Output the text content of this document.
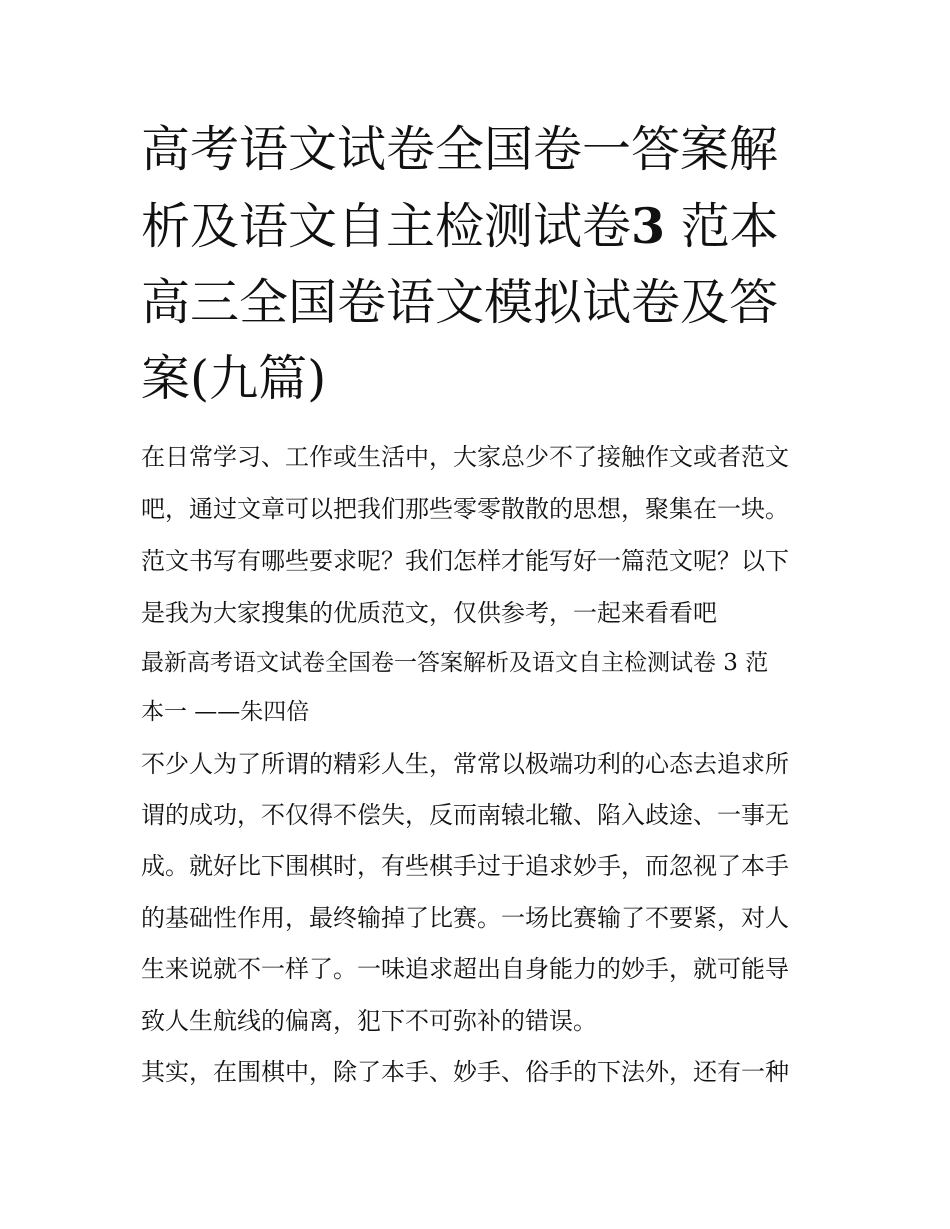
高考语文试卷全国卷一答案解
析及语文自主检测试卷3 范本
高三全国卷语文模拟试卷及答
案(九篇)
在日常学习、工作或生活中，大家总少不了接触作文或者范文
吧，通过文章可以把我们那些零零散散的思想，聚集在一块。
范文书写有哪些要求呢？我们怎样才能写好一篇范文呢？以下
是我为大家搜集的优质范文，仅供参考，一起来看看吧
最新高考语文试卷全国卷一答案解析及语文自主检测试卷 3 范
本一 ——朱四倍
不少人为了所谓的精彩人生，常常以极端功利的心态去追求所
谓的成功，不仅得不偿失，反而南辕北辙、陷入歧途、一事无
成。就好比下围棋时，有些棋手过于追求妙手，而忽视了本手
的基础性作用，最终输掉了比赛。一场比赛输了不要紧，对人
生来说就不一样了。一味追求超出自身能力的妙手，就可能导
致人生航线的偏离，犯下不可弥补的错误。
其实，在围棋中，除了本手、妙手、俗手的下法外，还有一种
